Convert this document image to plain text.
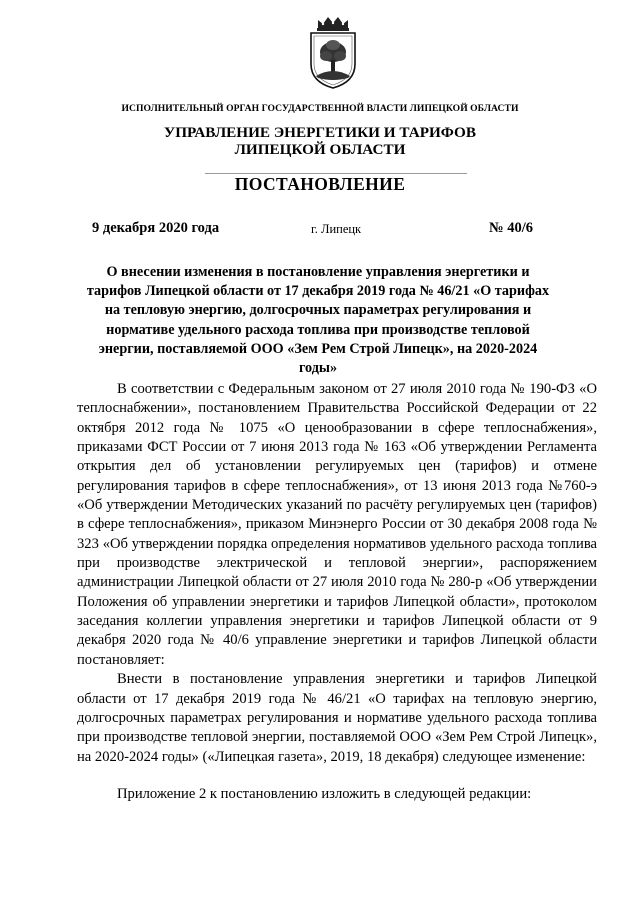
ИСПОЛНИТЕЛЬНЫЙ ОРГАН ГОСУДАРСТВЕННОЙ ВЛАСТИ ЛИПЕЦКОЙ ОБЛАСТИ
УПРАВЛЕНИЕ ЭНЕРГЕТИКИ И ТАРИФОВ
ЛИПЕЦКОЙ ОБЛАСТИ
ПОСТАНОВЛЕНИЕ
9 декабря 2020 года	г. Липецк	№ 40/6
О внесении изменения в постановление управления энергетики и тарифов Липецкой области от 17 декабря 2019 года № 46/21 «О тарифах на тепловую энергию, долгосрочных параметрах регулирования и нормативе удельного расхода топлива при производстве тепловой энергии, поставляемой ООО «Зем Рем Строй Липецк», на 2020-2024 годы»

В соответствии с Федеральным законом от 27 июля 2010 года № 190-ФЗ «О теплоснабжении», постановлением Правительства Российской Федерации от 22 октября 2012 года № 1075 «О ценообразовании в сфере теплоснабжения», приказами ФСТ России от 7 июня 2013 года № 163 «Об утверждении Регламента открытия дел об установлении регулируемых цен (тарифов) и отмене регулирования тарифов в сфере теплоснабжения», от 13 июня 2013 года №760-э «Об утверждении Методических указаний по расчёту регулируемых цен (тарифов) в сфере теплоснабжения», приказом Минэнерго России от 30 декабря 2008 года № 323 «Об утверждении порядка определения нормативов удельного расхода топлива при производстве электрической и тепловой энергии», распоряжением администрации Липецкой области от 27 июля 2010 года № 280-р «Об утверждении Положения об управлении энергетики и тарифов Липецкой области», протоколом заседания коллегии управления энергетики и тарифов Липецкой области от 9 декабря 2020 года № 40/6 управление энергетики и тарифов Липецкой области постановляет:

Внести в постановление управления энергетики и тарифов Липецкой области от 17 декабря 2019 года № 46/21 «О тарифах на тепловую энергию, долгосрочных параметрах регулирования и нормативе удельного расхода топлива при производстве тепловой энергии, поставляемой ООО «Зем Рем Строй Липецк», на 2020-2024 годы» («Липецкая газета», 2019, 18 декабря) следующее изменение:

Приложение 2 к постановлению изложить в следующей редакции:
